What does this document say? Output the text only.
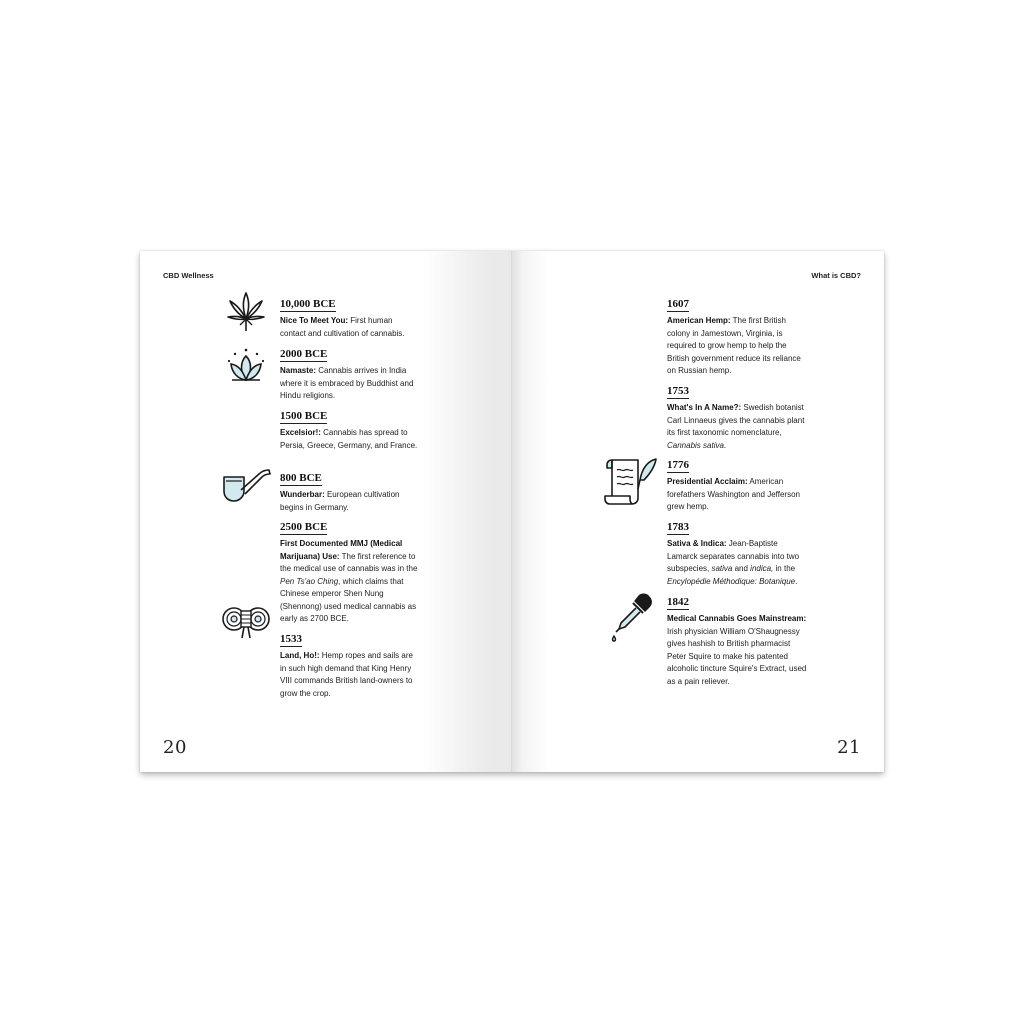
CBD Wellness
10,000 BCE

Nice To Meet You: First human contact and cultivation of cannabis.

2000 BCE

Namaste: Cannabis arrives in India where it is embraced by Buddhist and Hindu religions.

1500 BCE

Excelsior!: Cannabis has spread to Persia, Greece, Germany, and France.

800 BCE

Wunderbar: European cultivation begins in Germany.

2500 BCE

First Documented MMJ (Medical Marijuana) Use: The first reference to the medical use of cannabis was in the Pen Ts'ao Ching, which claims that Chinese emperor Shen Nung (Shennong) used medical cannabis as early as 2700 BCE.

1533

Land, Ho!: Hemp ropes and sails are in such high demand that King Henry VIII commands British land-owners to grow the crop.

20
What is CBD?
1607

American Hemp: The first British colony in Jamestown, Virginia, is required to grow hemp to help the British government reduce its reliance on Russian hemp.

1753

What's In A Name?: Swedish botanist Carl Linnaeus gives the cannabis plant its first taxonomic nomenclature, Cannabis sativa.

1776

Presidential Acclaim: American forefathers Washington and Jefferson grew hemp.

1783

Sativa & Indica: Jean-Baptiste Lamarck separates cannabis into two subspecies, sativa and indica, in the Encylopédie Méthodique: Botanique.

1842

Medical Cannabis Goes Mainstream: Irish physician William O'Shaugnessy gives hashish to British pharmacist Peter Squire to make his patented alcoholic tincture Squire's Extract, used as a pain reliever.

21
